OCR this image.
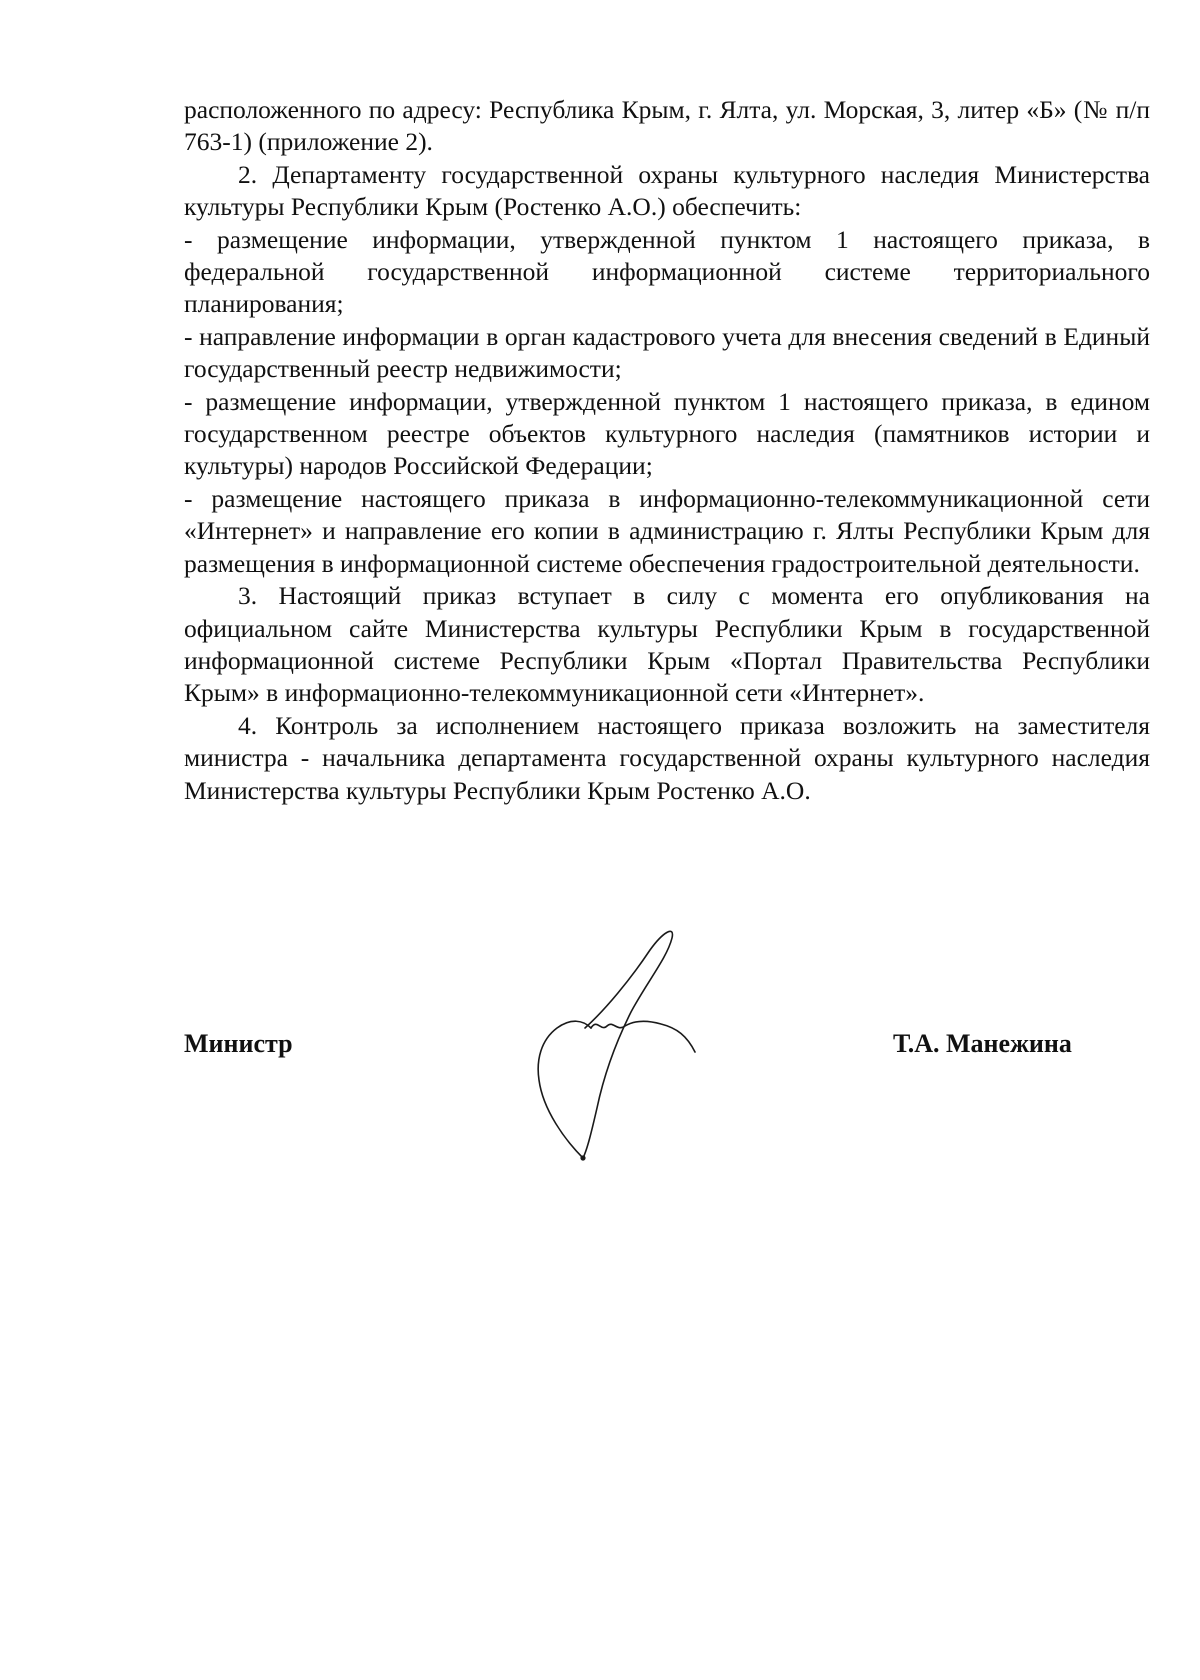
расположенного по адресу: Республика Крым, г. Ялта, ул. Морская, 3, литер «Б» (№ п/п 763-1) (приложение 2).

2. Департаменту государственной охраны культурного наследия Министерства культуры Республики Крым (Ростенко А.О.) обеспечить:

- размещение информации, утвержденной пунктом 1 настоящего приказа, в федеральной государственной информационной системе территориального планирования;

- направление информации в орган кадастрового учета для внесения сведений в Единый государственный реестр недвижимости;

- размещение информации, утвержденной пунктом 1 настоящего приказа, в едином государственном реестре объектов культурного наследия (памятников истории и культуры) народов Российской Федерации;

- размещение настоящего приказа в информационно-телекоммуникационной сети «Интернет» и направление его копии в администрацию г. Ялты Республики Крым для размещения в информационной системе обеспечения градостроительной деятельности.

3. Настоящий приказ вступает в силу с момента его опубликования на официальном сайте Министерства культуры Республики Крым в государственной информационной системе Республики Крым «Портал Правительства Республики Крым» в информационно-телекоммуникационной сети «Интернет».

4. Контроль за исполнением настоящего приказа возложить на заместителя министра - начальника департамента государственной охраны культурного наследия Министерства культуры Республики Крым Ростенко А.О.

Министр	Т.А. Манежина
